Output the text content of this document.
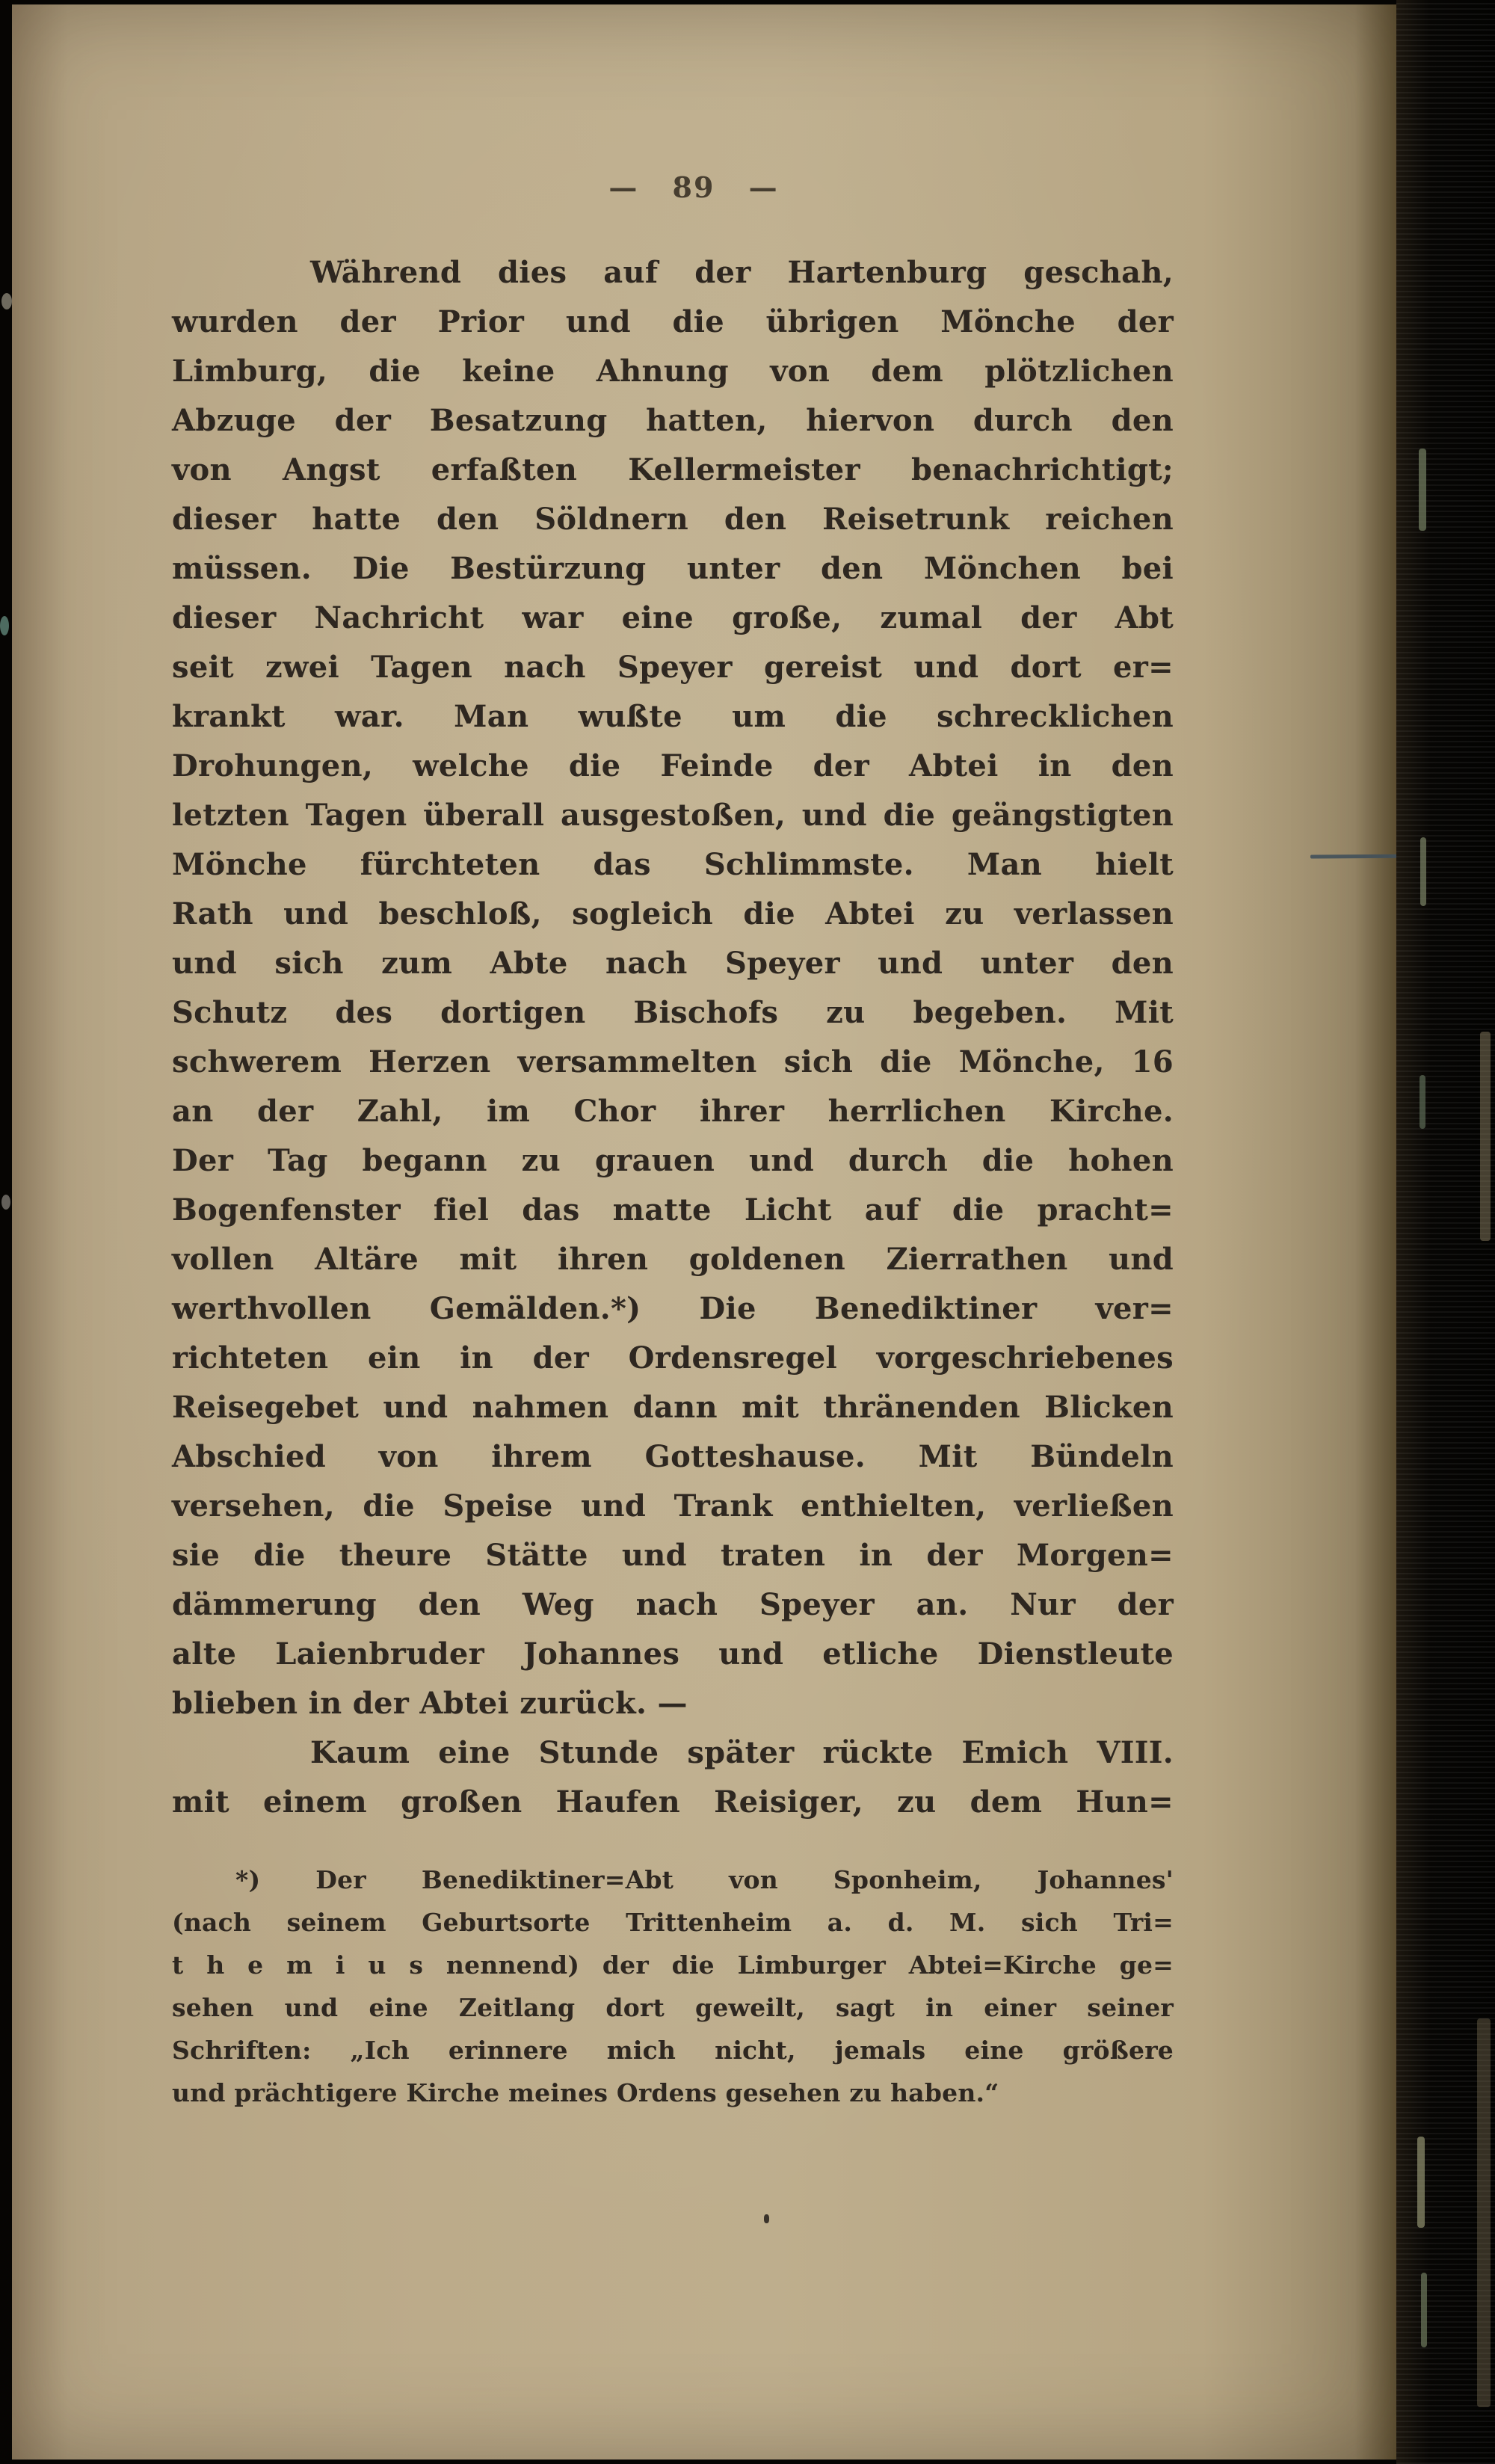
— 89 —
Während dies auf der Hartenburg geschah,
wurden der Prior und die übrigen Mönche der
Limburg, die keine Ahnung von dem plötzlichen
Abzuge der Besatzung hatten, hiervon durch den
von Angst erfaßten Kellermeister benachrichtigt;
dieser hatte den Söldnern den Reisetrunk reichen
müssen. Die Bestürzung unter den Mönchen bei
dieser Nachricht war eine große, zumal der Abt
seit zwei Tagen nach Speyer gereist und dort er=
krankt war. Man wußte um die schrecklichen
Drohungen, welche die Feinde der Abtei in den
letzten Tagen überall ausgestoßen, und die geängstigten
Mönche fürchteten das Schlimmste. Man hielt
Rath und beschloß, sogleich die Abtei zu verlassen
und sich zum Abte nach Speyer und unter den
Schutz des dortigen Bischofs zu begeben. Mit
schwerem Herzen versammelten sich die Mönche, 16
an der Zahl, im Chor ihrer herrlichen Kirche.
Der Tag begann zu grauen und durch die hohen
Bogenfenster fiel das matte Licht auf die pracht=
vollen Altäre mit ihren goldenen Zierrathen und
werthvollen Gemälden.*) Die Benediktiner ver=
richteten ein in der Ordensregel vorgeschriebenes
Reisegebet und nahmen dann mit thränenden Blicken
Abschied von ihrem Gotteshause. Mit Bündeln
versehen, die Speise und Trank enthielten, verließen
sie die theure Stätte und traten in der Morgen=
dämmerung den Weg nach Speyer an. Nur der
alte Laienbruder Johannes und etliche Dienstleute
blieben in der Abtei zurück. —
Kaum eine Stunde später rückte Emich VIII.
mit einem großen Haufen Reisiger, zu dem Hun=
*) Der Benediktiner=Abt von Sponheim, Johannes'
(nach seinem Geburtsorte Trittenheim a. d. M. sich Tri=
t h e m i u s nennend) der die Limburger Abtei=Kirche ge=
sehen und eine Zeitlang dort geweilt, sagt in einer seiner
Schriften: „Ich erinnere mich nicht, jemals eine größere
und prächtigere Kirche meines Ordens gesehen zu haben.“
